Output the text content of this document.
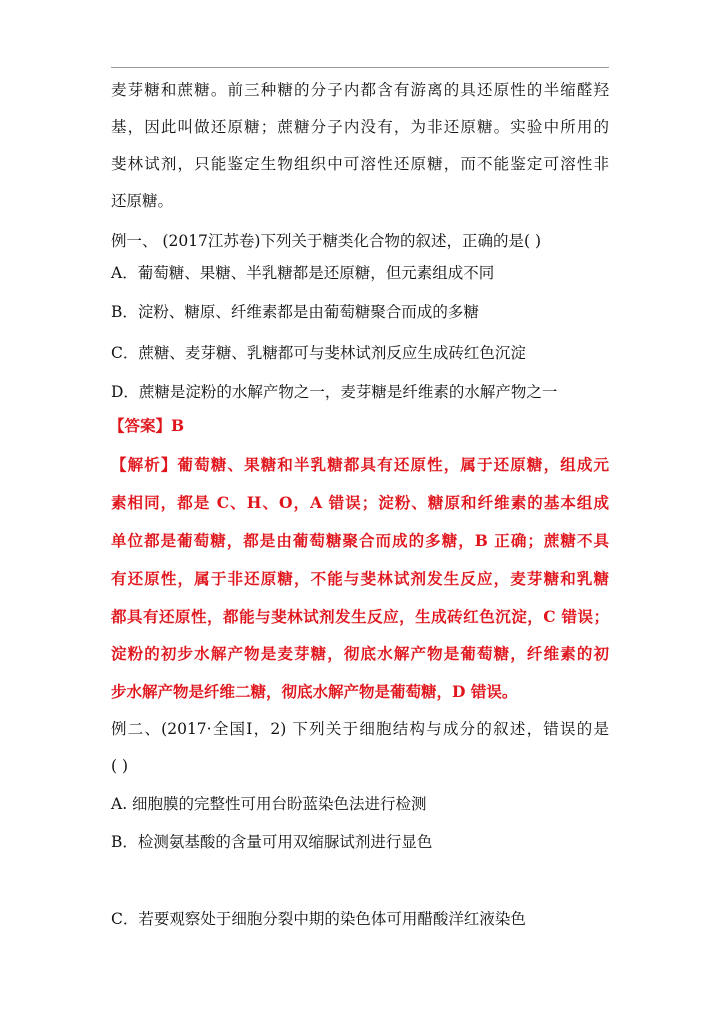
麦芽糖和蔗糖。前三种糖的分子内都含有游离的具还原性的半缩醛羟
基，因此叫做还原糖；蔗糖分子内没有，为非还原糖。实验中所用的
斐林试剂，只能鉴定生物组织中可溶性还原糖，而不能鉴定可溶性非
还原糖。
例一、 (2017江苏卷)下列关于糖类化合物的叙述，正确的是( )
A．葡萄糖、果糖、半乳糖都是还原糖，但元素组成不同
B．淀粉、糖原、纤维素都是由葡萄糖聚合而成的多糖
C．蔗糖、麦芽糖、乳糖都可与斐林试剂反应生成砖红色沉淀
D．蔗糖是淀粉的水解产物之一，麦芽糖是纤维素的水解产物之一
【答案】B
【解析】葡萄糖、果糖和半乳糖都具有还原性，属于还原糖，组成元
素相同，都是 C、H、O，A 错误；淀粉、糖原和纤维素的基本组成
单位都是葡萄糖，都是由葡萄糖聚合而成的多糖，B 正确；蔗糖不具
有还原性，属于非还原糖，不能与斐林试剂发生反应，麦芽糖和乳糖
都具有还原性，都能与斐林试剂发生反应，生成砖红色沉淀，C 错误；
淀粉的初步水解产物是麦芽糖，彻底水解产物是葡萄糖，纤维素的初
步水解产物是纤维二糖，彻底水解产物是葡萄糖，D 错误。
例二、(2017·全国Ⅰ，2) 下列关于细胞结构与成分的叙述，错误的是
( )
A. 细胞膜的完整性可用台盼蓝染色法进行检测
B．检测氨基酸的含量可用双缩脲试剂进行显色
C．若要观察处于细胞分裂中期的染色体可用醋酸洋红液染色
